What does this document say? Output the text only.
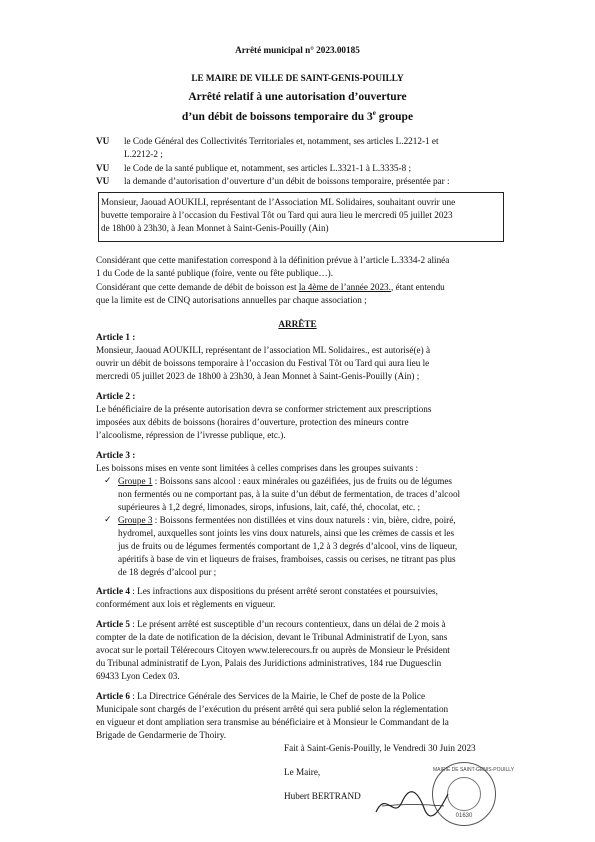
Arrêté municipal n° 2023.00185
LE MAIRE DE VILLE DE SAINT-GENIS-POUILLY
Arrêté relatif à une autorisation d’ouverture
d’un débit de boissons temporaire du 3e groupe
VU le Code Général des Collectivités Territoriales et, notamment, ses articles L.2212-1 et
L.2212-2 ;
VU le Code de la santé publique et, notamment, ses articles L.3321-1 à L.3335-8 ;
VU la demande d’autorisation d’ouverture d’un débit de boissons temporaire, présentée par :
Monsieur, Jaouad AOUKILI, représentant de l’Association ML Solidaires, souhaitant ouvrir une
buvette temporaire à l’occasion du Festival Tôt ou Tard qui aura lieu le mercredi 05 juillet 2023
de 18h00 à 23h30, à Jean Monnet à Saint-Genis-Pouilly (Ain)
Considérant que cette manifestation correspond à la définition prévue à l’article L.3334-2 alinéa
1 du Code de la santé publique (foire, vente ou fête publique…).
Considérant que cette demande de débit de boisson est la 4ème de l’année 2023., étant entendu
que la limite est de CINQ autorisations annuelles par chaque association ;
ARRÊTE
Article 1 :
Monsieur, Jaouad AOUKILI, représentant de l’association ML Solidaires., est autorisé(e) à
ouvrir un débit de boissons temporaire à l’occasion du Festival Tôt ou Tard qui aura lieu le
mercredi 05 juillet 2023 de 18h00 à 23h30, à Jean Monnet à Saint-Genis-Pouilly (Ain) ;
Article 2 :
Le bénéficiaire de la présente autorisation devra se conformer strictement aux prescriptions
imposées aux débits de boissons (horaires d’ouverture, protection des mineurs contre
l’alcoolisme, répression de l’ivresse publique, etc.).
Article 3 :
Les boissons mises en vente sont limitées à celles comprises dans les groupes suivants :
✓ Groupe 1 : Boissons sans alcool : eaux minérales ou gazéifiées, jus de fruits ou de légumes
non fermentés ou ne comportant pas, à la suite d’un début de fermentation, de traces d’alcool
supérieures à 1,2 degré, limonades, sirops, infusions, lait, café, thé, chocolat, etc. ;
✓ Groupe 3 : Boissons fermentées non distillées et vins doux naturels : vin, bière, cidre, poiré,
hydromel, auxquelles sont joints les vins doux naturels, ainsi que les crèmes de cassis et les
jus de fruits ou de légumes fermentés comportant de 1,2 à 3 degrés d’alcool, vins de liqueur,
apéritifs à base de vin et liqueurs de fraises, framboises, cassis ou cerises, ne titrant pas plus
de 18 degrés d’alcool pur ;
Article 4 : Les infractions aux dispositions du présent arrêté seront constatées et poursuivies,
conformément aux lois et règlements en vigueur.
Article 5 : Le présent arrêté est susceptible d’un recours contentieux, dans un délai de 2 mois à
compter de la date de notification de la décision, devant le Tribunal Administratif de Lyon, sans
avocat sur le portail Télérecours Citoyen www.telerecours.fr ou auprès de Monsieur le Président
du Tribunal administratif de Lyon, Palais des Juridictions administratives, 184 rue Duguesclin
69433 Lyon Cedex 03.
Article 6 : La Directrice Générale des Services de la Mairie, le Chef de poste de la Police
Municipale sont chargés de l’exécution du présent arrêté qui sera publié selon la réglementation
en vigueur et dont ampliation sera transmise au bénéficiaire et à Monsieur le Commandant de la
Brigade de Gendarmerie de Thoiry.
Fait à Saint-Genis-Pouilly, le Vendredi 30 Juin 2023
Le Maire,	MAIRIE DE SAINT-GENIS-POUILLY
01630
Hubert BERTRAND
